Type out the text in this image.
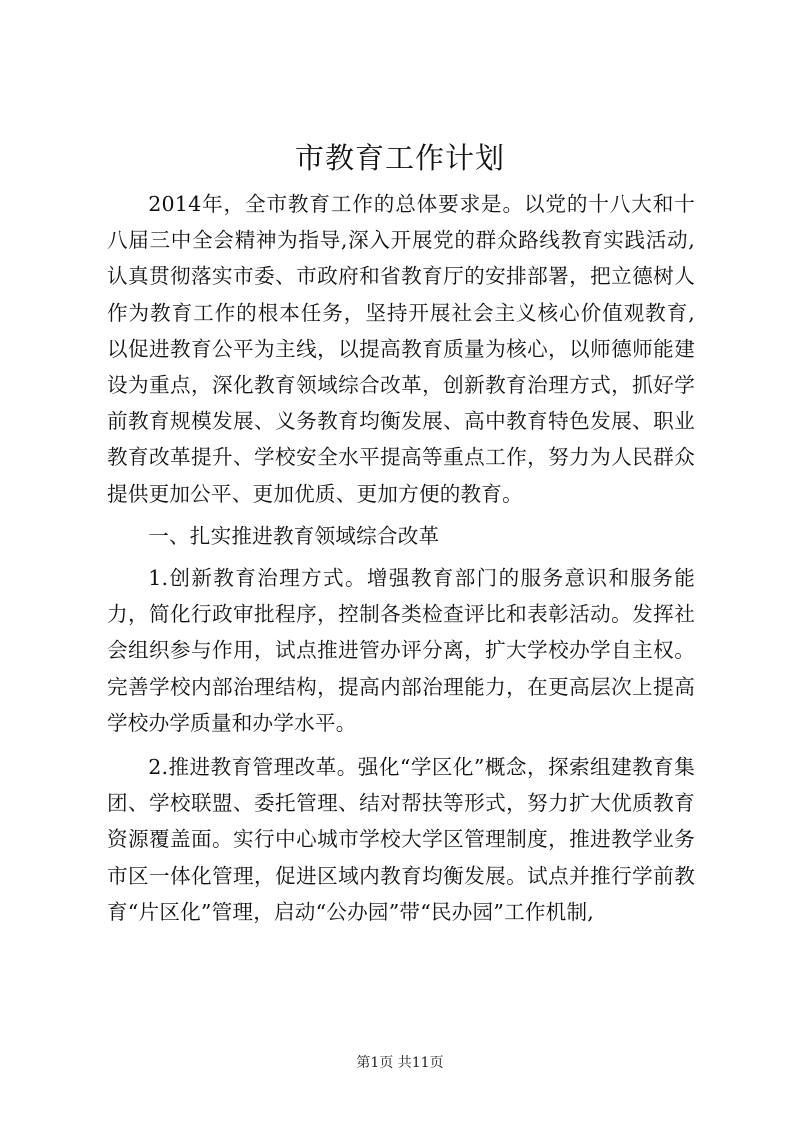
市教育工作计划

2014年，全市教育工作的总体要求是。以党的十八大和十八届三中全会精神为指导,深入开展党的群众路线教育实践活动,认真贯彻落实市委、市政府和省教育厅的安排部署，把立德树人作为教育工作的根本任务，坚持开展社会主义核心价值观教育,以促进教育公平为主线，以提高教育质量为核心，以师德师能建设为重点，深化教育领域综合改革，创新教育治理方式，抓好学前教育规模发展、义务教育均衡发展、高中教育特色发展、职业教育改革提升、学校安全水平提高等重点工作，努力为人民群众提供更加公平、更加优质、更加方便的教育。

一、扎实推进教育领域综合改革

1.创新教育治理方式。增强教育部门的服务意识和服务能力，简化行政审批程序，控制各类检查评比和表彰活动。发挥社会组织参与作用，试点推进管办评分离，扩大学校办学自主权。完善学校内部治理结构，提高内部治理能力，在更高层次上提高学校办学质量和办学水平。

2.推进教育管理改革。强化“学区化”概念，探索组建教育集团、学校联盟、委托管理、结对帮扶等形式，努力扩大优质教育资源覆盖面。实行中心城市学校大学区管理制度，推进教学业务市区一体化管理，促进区域内教育均衡发展。试点并推行学前教育“片区化”管理，启动“公办园”带“民办园”工作机制,

第1页 共11页
